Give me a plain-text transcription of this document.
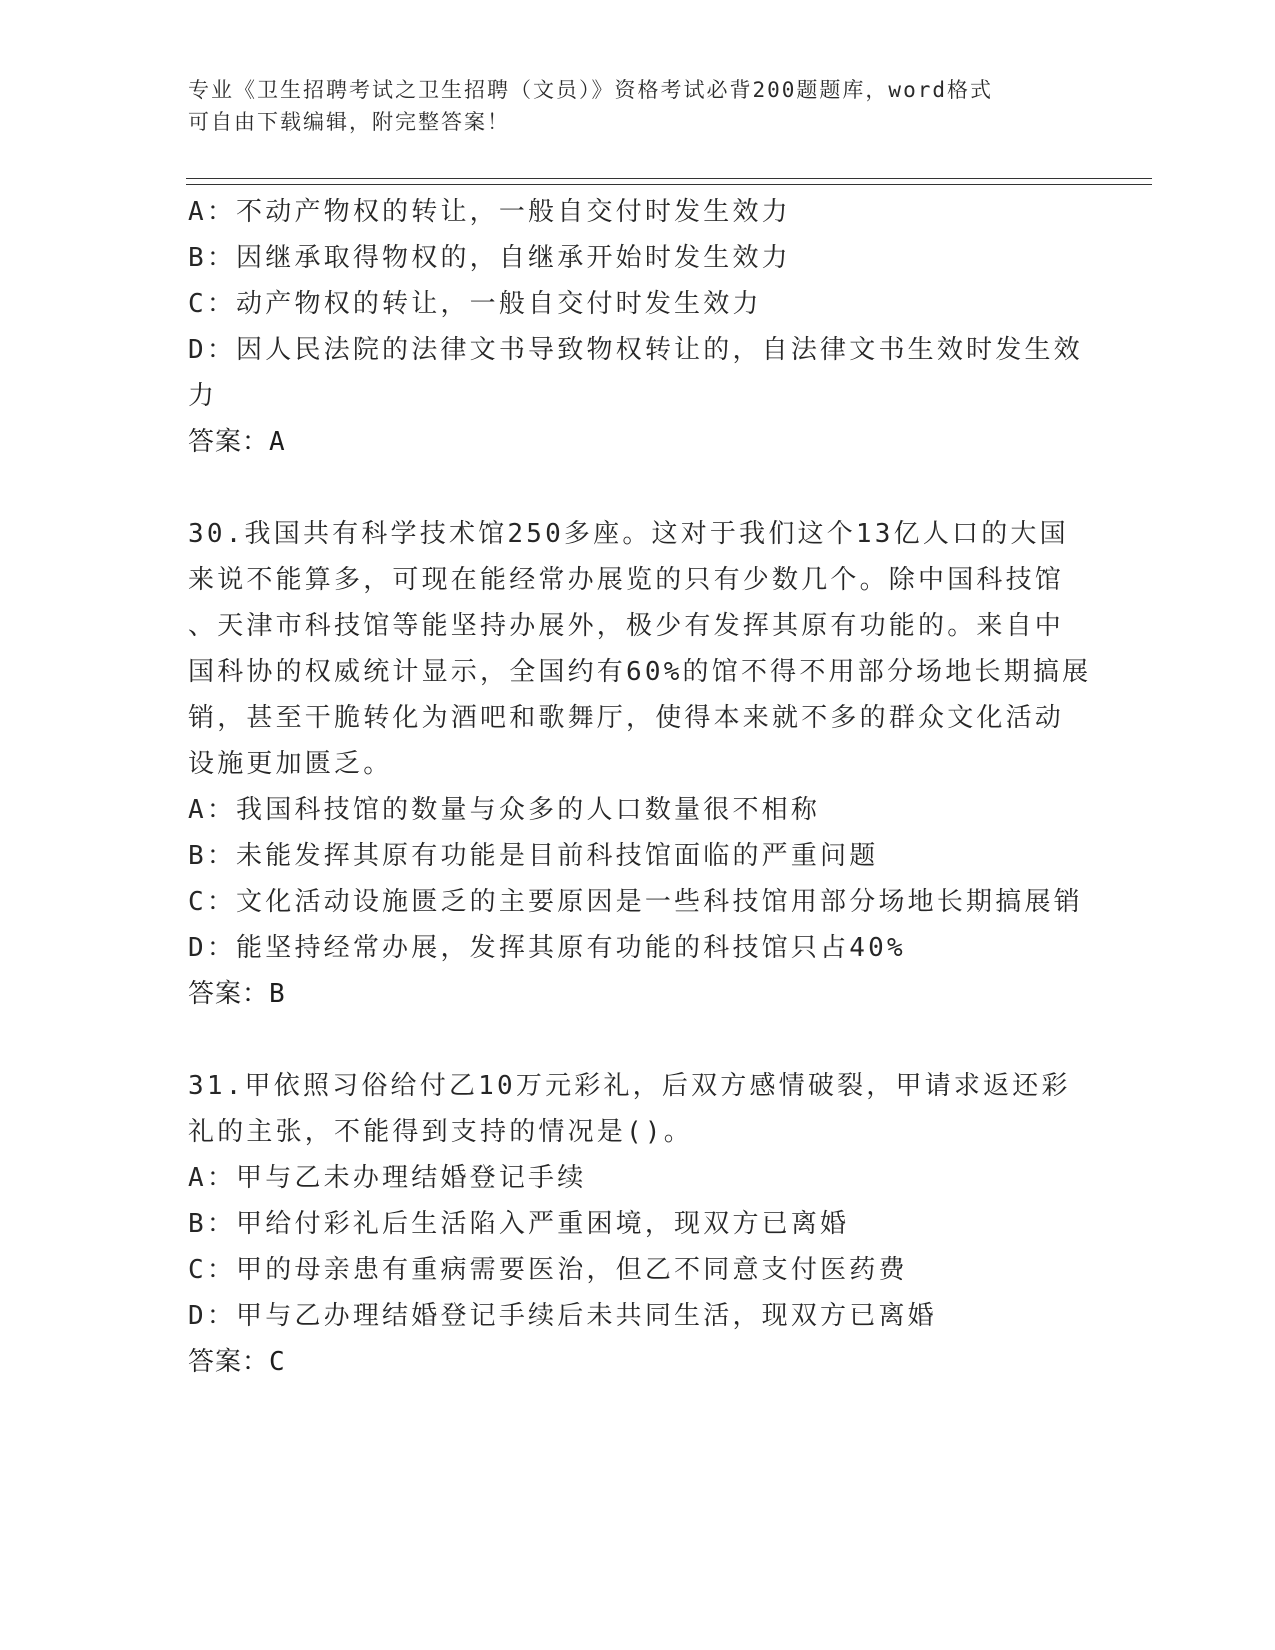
专业《卫生招聘考试之卫生招聘（文员）》资格考试必背200题题库，word格式
可自由下载编辑，附完整答案！
A：不动产物权的转让，一般自交付时发生效力
B：因继承取得物权的，自继承开始时发生效力
C：动产物权的转让，一般自交付时发生效力
D：因人民法院的法律文书导致物权转让的，自法律文书生效时发生效
力
答案：A
30.我国共有科学技术馆250多座。这对于我们这个13亿人口的大国
来说不能算多，可现在能经常办展览的只有少数几个。除中国科技馆
、天津市科技馆等能坚持办展外，极少有发挥其原有功能的。来自中
国科协的权威统计显示，全国约有60%的馆不得不用部分场地长期搞展
销，甚至干脆转化为酒吧和歌舞厅，使得本来就不多的群众文化活动
设施更加匮乏。
A：我国科技馆的数量与众多的人口数量很不相称
B：未能发挥其原有功能是目前科技馆面临的严重问题
C：文化活动设施匮乏的主要原因是一些科技馆用部分场地长期搞展销
D：能坚持经常办展，发挥其原有功能的科技馆只占40%
答案：B
31.甲依照习俗给付乙10万元彩礼，后双方感情破裂，甲请求返还彩
礼的主张，不能得到支持的情况是()。
A：甲与乙未办理结婚登记手续
B：甲给付彩礼后生活陷入严重困境，现双方已离婚
C：甲的母亲患有重病需要医治，但乙不同意支付医药费
D：甲与乙办理结婚登记手续后未共同生活，现双方已离婚
答案：C
